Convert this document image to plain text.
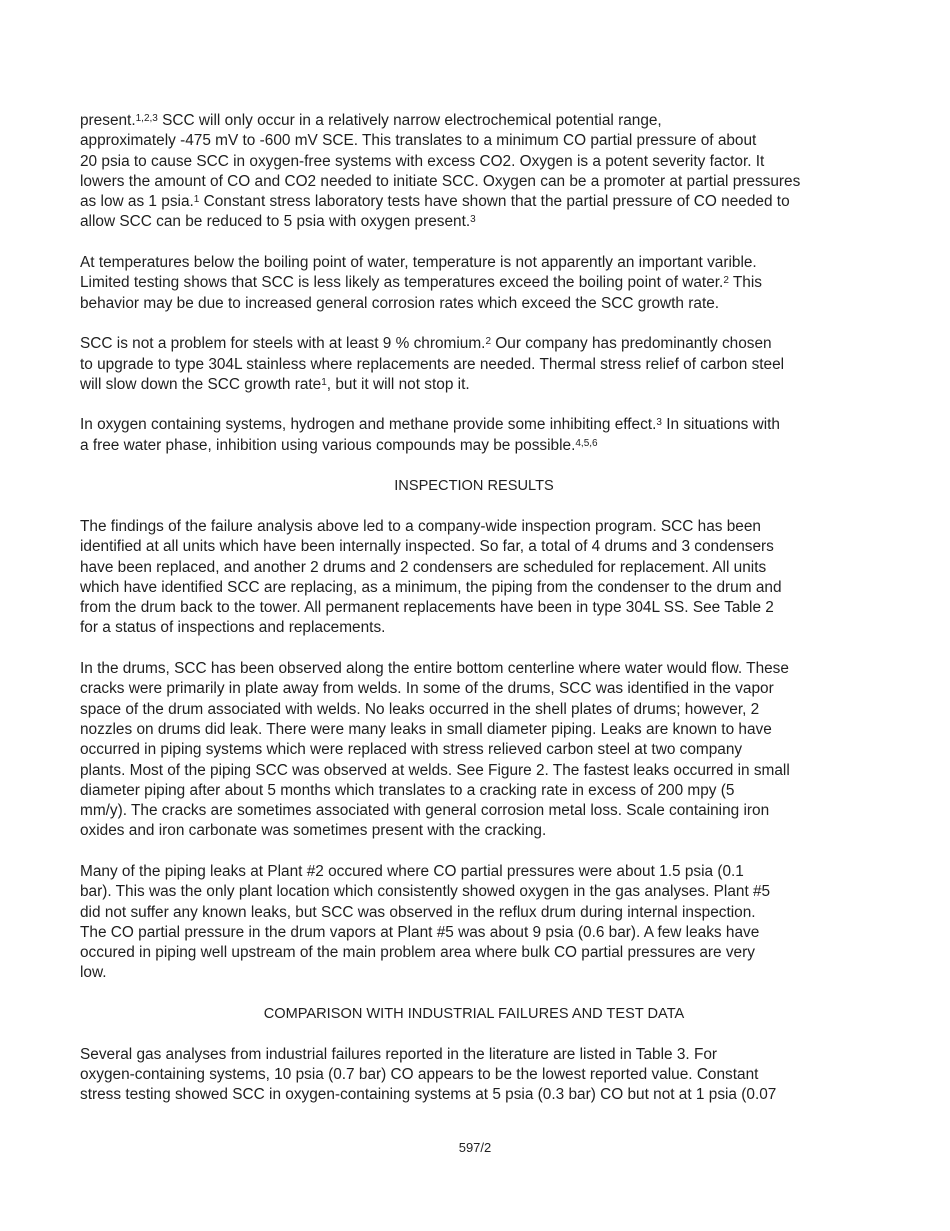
present.$^{1,2,3}$ SCC will only occur in a relatively narrow electrochemical potential range,
approximately -475 mV to -600 mV SCE. This translates to a minimum CO partial pressure of about
20 psia to cause SCC in oxygen-free systems with excess CO2. Oxygen is a potent severity factor. It
lowers the amount of CO and CO2 needed to initiate SCC. Oxygen can be a promoter at partial pressures
as low as 1 psia.$^1$ Constant stress laboratory tests have shown that the partial pressure of CO needed to
allow SCC can be reduced to 5 psia with oxygen present.$^3$
At temperatures below the boiling point of water, temperature is not apparently an important varible.
Limited testing shows that SCC is less likely as temperatures exceed the boiling point of water.$^2$ This
behavior may be due to increased general corrosion rates which exceed the SCC growth rate.
SCC is not a problem for steels with at least 9 % chromium.$^2$ Our company has predominantly chosen
to upgrade to type 304L stainless where replacements are needed. Thermal stress relief of carbon steel
will slow down the SCC growth rate$^1$, but it will not stop it.
In oxygen containing systems, hydrogen and methane provide some inhibiting effect.$^3$ In situations with
a free water phase, inhibition using various compounds may be possible.$^{4,5,6}$
INSPECTION RESULTS
The findings of the failure analysis above led to a company-wide inspection program. SCC has been
identified at all units which have been internally inspected. So far, a total of 4 drums and 3 condensers
have been replaced, and another 2 drums and 2 condensers are scheduled for replacement. All units
which have identified SCC are replacing, as a minimum, the piping from the condenser to the drum and
from the drum back to the tower. All permanent replacements have been in type 304L SS. See Table 2
for a status of inspections and replacements.
In the drums, SCC has been observed along the entire bottom centerline where water would flow. These
cracks were primarily in plate away from welds. In some of the drums, SCC was identified in the vapor
space of the drum associated with welds. No leaks occurred in the shell plates of drums; however, 2
nozzles on drums did leak. There were many leaks in small diameter piping. Leaks are known to have
occurred in piping systems which were replaced with stress relieved carbon steel at two company
plants. Most of the piping SCC was observed at welds. See Figure 2. The fastest leaks occurred in small
diameter piping after about 5 months which translates to a cracking rate in excess of 200 mpy (5
mm/y). The cracks are sometimes associated with general corrosion metal loss. Scale containing iron
oxides and iron carbonate was sometimes present with the cracking.
Many of the piping leaks at Plant #2 occured where CO partial pressures were about 1.5 psia (0.1
bar). This was the only plant location which consistently showed oxygen in the gas analyses. Plant #5
did not suffer any known leaks, but SCC was observed in the reflux drum during internal inspection.
The CO partial pressure in the drum vapors at Plant #5 was about 9 psia (0.6 bar). A few leaks have
occured in piping well upstream of the main problem area where bulk CO partial pressures are very
low.
COMPARISON WITH INDUSTRIAL FAILURES AND TEST DATA
Several gas analyses from industrial failures reported in the literature are listed in Table 3. For
oxygen-containing systems, 10 psia (0.7 bar) CO appears to be the lowest reported value. Constant
stress testing showed SCC in oxygen-containing systems at 5 psia (0.3 bar) CO but not at 1 psia (0.07
597/2
